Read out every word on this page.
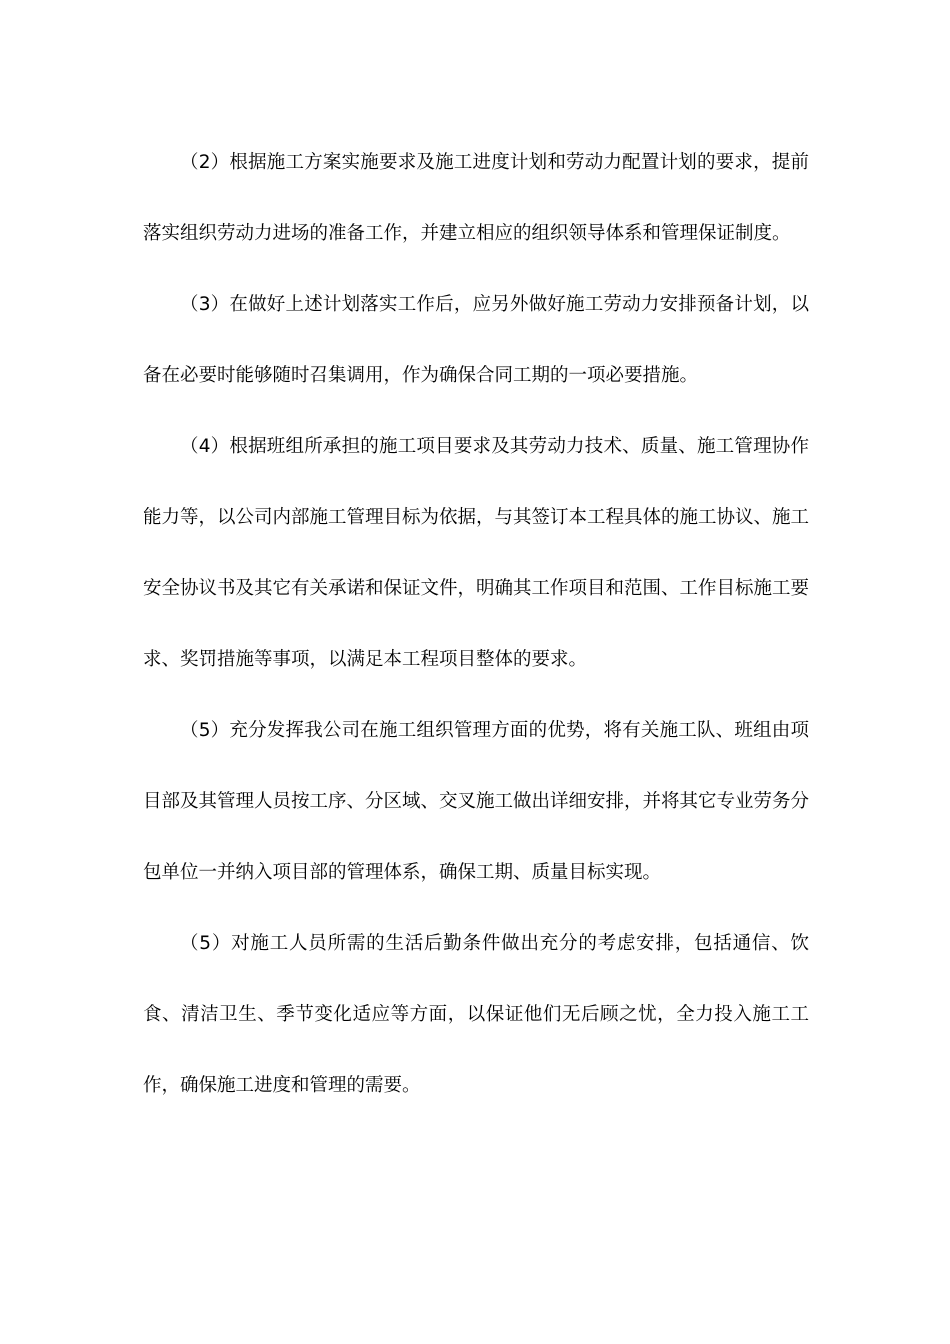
（2）根据施工方案实施要求及施工进度计划和劳动力配置计划的要求，提前落实组织劳动力进场的准备工作，并建立相应的组织领导体系和管理保证制度。

（3）在做好上述计划落实工作后，应另外做好施工劳动力安排预备计划，以备在必要时能够随时召集调用，作为确保合同工期的一项必要措施。

（4）根据班组所承担的施工项目要求及其劳动力技术、质量、施工管理协作能力等，以公司内部施工管理目标为依据，与其签订本工程具体的施工协议、施工安全协议书及其它有关承诺和保证文件，明确其工作项目和范围、工作目标施工要求、奖罚措施等事项，以满足本工程项目整体的要求。

（5）充分发挥我公司在施工组织管理方面的优势，将有关施工队、班组由项目部及其管理人员按工序、分区域、交叉施工做出详细安排，并将其它专业劳务分包单位一并纳入项目部的管理体系，确保工期、质量目标实现。

（5）对施工人员所需的生活后勤条件做出充分的考虑安排，包括通信、饮食、清洁卫生、季节变化适应等方面，以保证他们无后顾之忧，全力投入施工工作，确保施工进度和管理的需要。
